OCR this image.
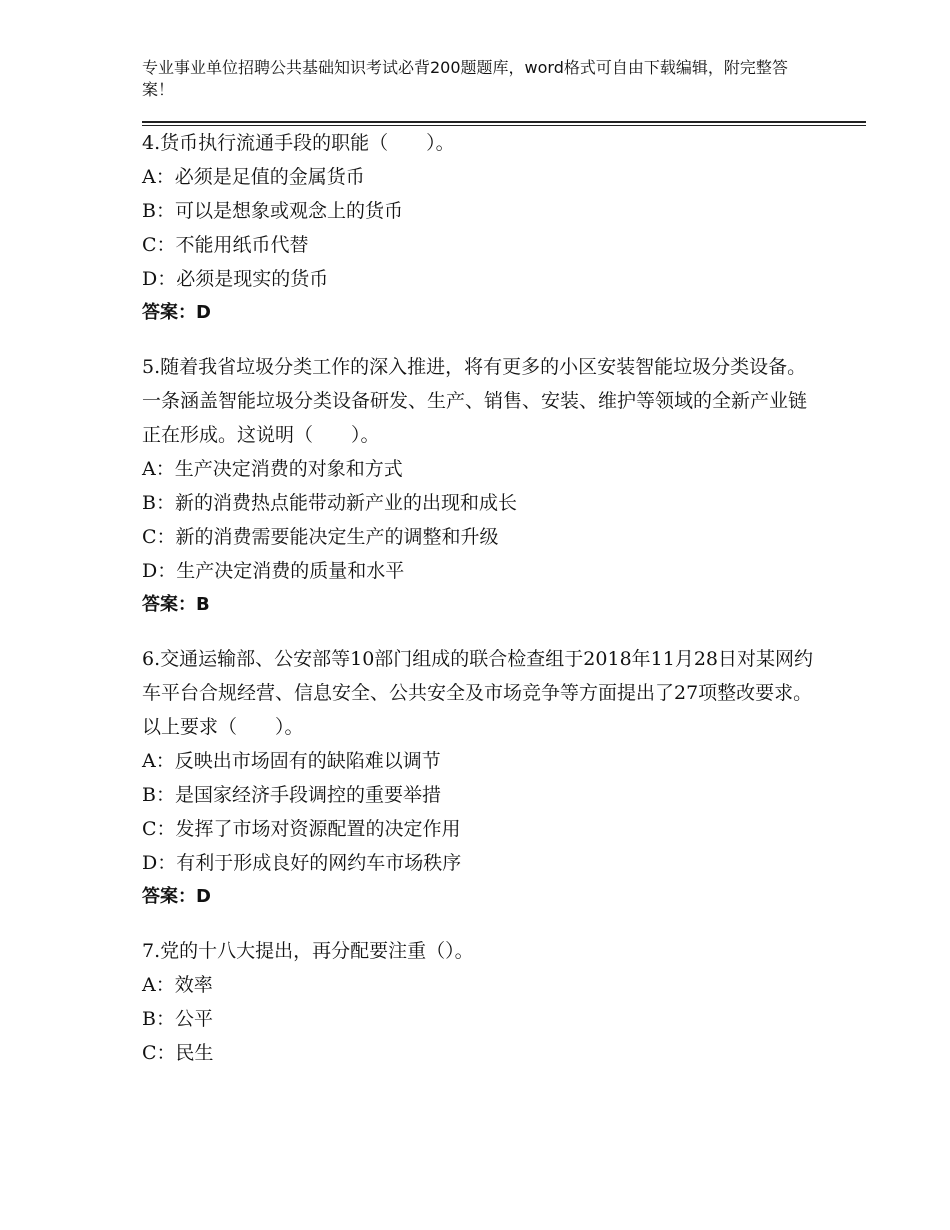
专业事业单位招聘公共基础知识考试必背200题题库，word格式可自由下载编辑，附完整答案！

4.货币执行流通手段的职能（　　）。

A：必须是足值的金属货币

B：可以是想象或观念上的货币

C：不能用纸币代替

D：必须是现实的货币

答案：D

5.随着我省垃圾分类工作的深入推进，将有更多的小区安装智能垃圾分类设备。一条涵盖智能垃圾分类设备研发、生产、销售、安装、维护等领域的全新产业链正在形成。这说明（　　）。

A：生产决定消费的对象和方式

B：新的消费热点能带动新产业的出现和成长

C：新的消费需要能决定生产的调整和升级

D：生产决定消费的质量和水平

答案：B

6.交通运输部、公安部等10部门组成的联合检查组于2018年11月28日对某网约车平台合规经营、信息安全、公共安全及市场竞争等方面提出了27项整改要求。以上要求（　　）。

A：反映出市场固有的缺陷难以调节

B：是国家经济手段调控的重要举措

C：发挥了市场对资源配置的决定作用

D：有利于形成良好的网约车市场秩序

答案：D

7.党的十八大提出，再分配要注重（）。

A：效率

B：公平

C：民生
